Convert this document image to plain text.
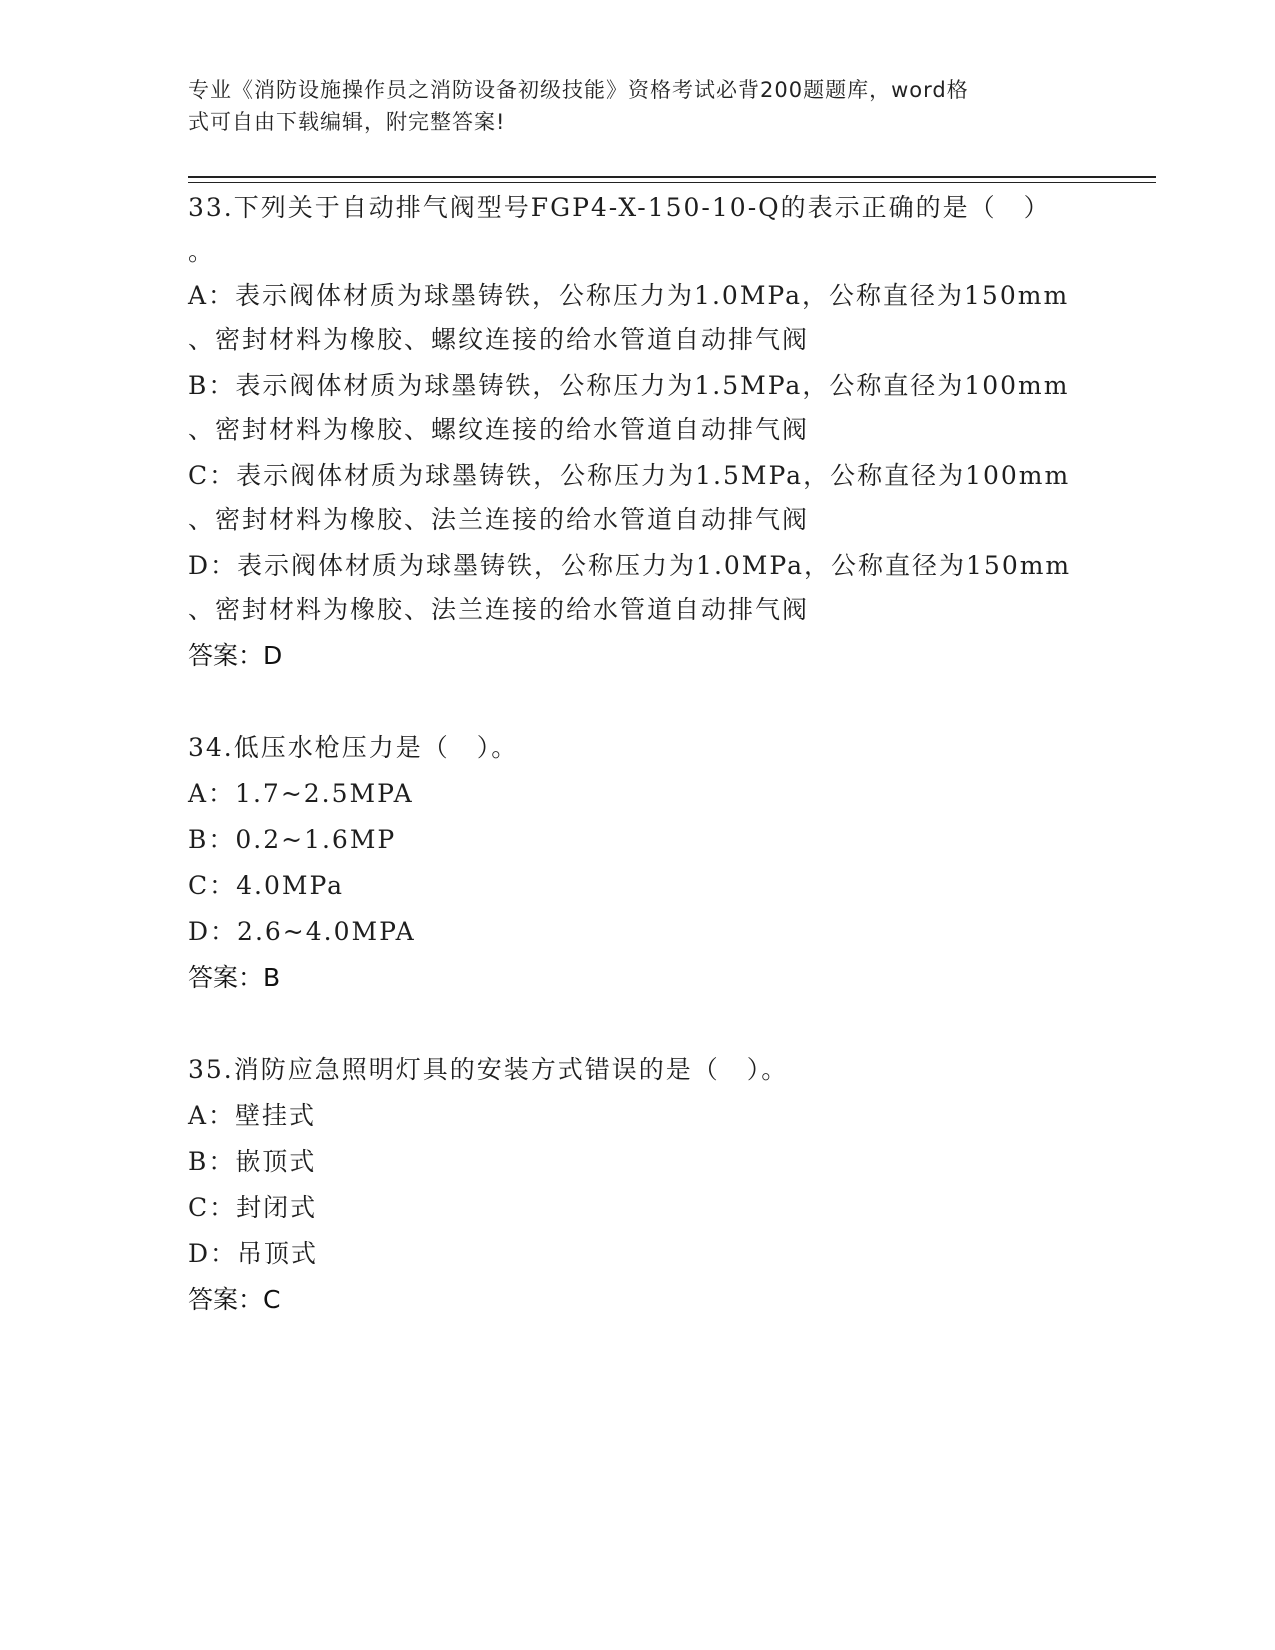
专业《消防设施操作员之消防设备初级技能》资格考试必背200题题库，word格
式可自由下载编辑，附完整答案!
33.下列关于自动排气阀型号FGP4-X-150-10-Q的表示正确的是（　）
。
A：表示阀体材质为球墨铸铁，公称压力为1.0MPa，公称直径为150mm
、密封材料为橡胶、螺纹连接的给水管道自动排气阀
B：表示阀体材质为球墨铸铁，公称压力为1.5MPa，公称直径为100mm
、密封材料为橡胶、螺纹连接的给水管道自动排气阀
C：表示阀体材质为球墨铸铁，公称压力为1.5MPa，公称直径为100mm
、密封材料为橡胶、法兰连接的给水管道自动排气阀
D：表示阀体材质为球墨铸铁，公称压力为1.0MPa，公称直径为150mm
、密封材料为橡胶、法兰连接的给水管道自动排气阀
答案：D
34.低压水枪压力是（　）。
A：1.7~2.5MPA
B：0.2~1.6MP
C：4.0MPa
D：2.6~4.0MPA
答案：B
35.消防应急照明灯具的安装方式错误的是（　）。
A：壁挂式
B：嵌顶式
C：封闭式
D：吊顶式
答案：C
